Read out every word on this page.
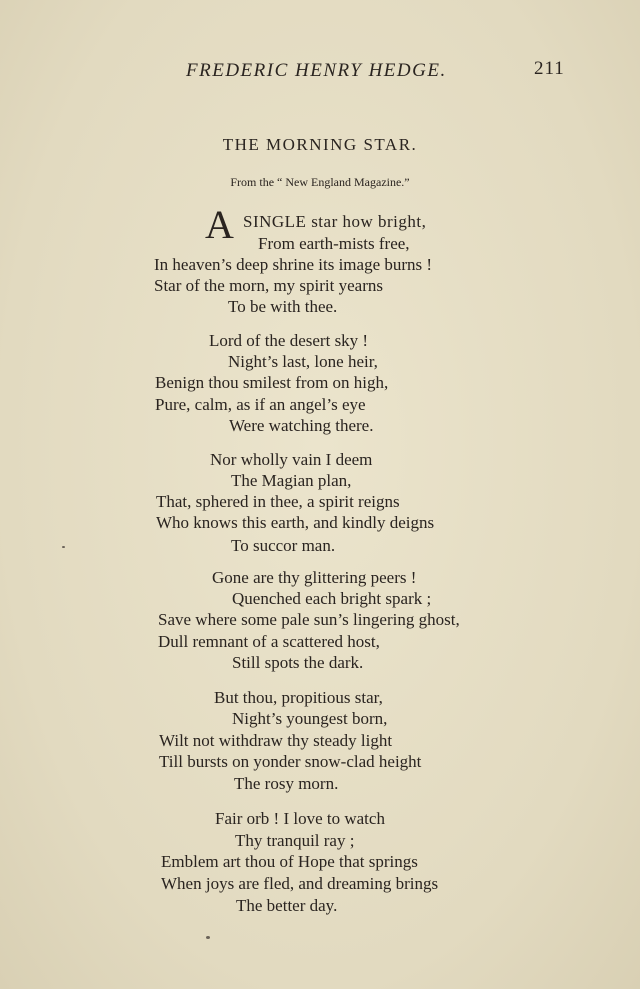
FREDERIC HENRY HEDGE.	211
THE MORNING STAR.
From the “ New England Magazine.”
A SINGLE star how bright,
From earth-mists free,
In heaven’s deep shrine its image burns !
Star of the morn, my spirit yearns
To be with thee.
Lord of the desert sky !
Night’s last, lone heir,
Benign thou smilest from on high,
Pure, calm, as if an angel’s eye
Were watching there.
Nor wholly vain I deem
The Magian plan,
That, sphered in thee, a spirit reigns
Who knows this earth, and kindly deigns
To succor man.
Gone are thy glittering peers !
Quenched each bright spark ;
Save where some pale sun’s lingering ghost,
Dull remnant of a scattered host,
Still spots the dark.
But thou, propitious star,
Night’s youngest born,
Wilt not withdraw thy steady light
Till bursts on yonder snow-clad height
The rosy morn.
Fair orb ! I love to watch
Thy tranquil ray ;
Emblem art thou of Hope that springs
When joys are fled, and dreaming brings
The better day.
